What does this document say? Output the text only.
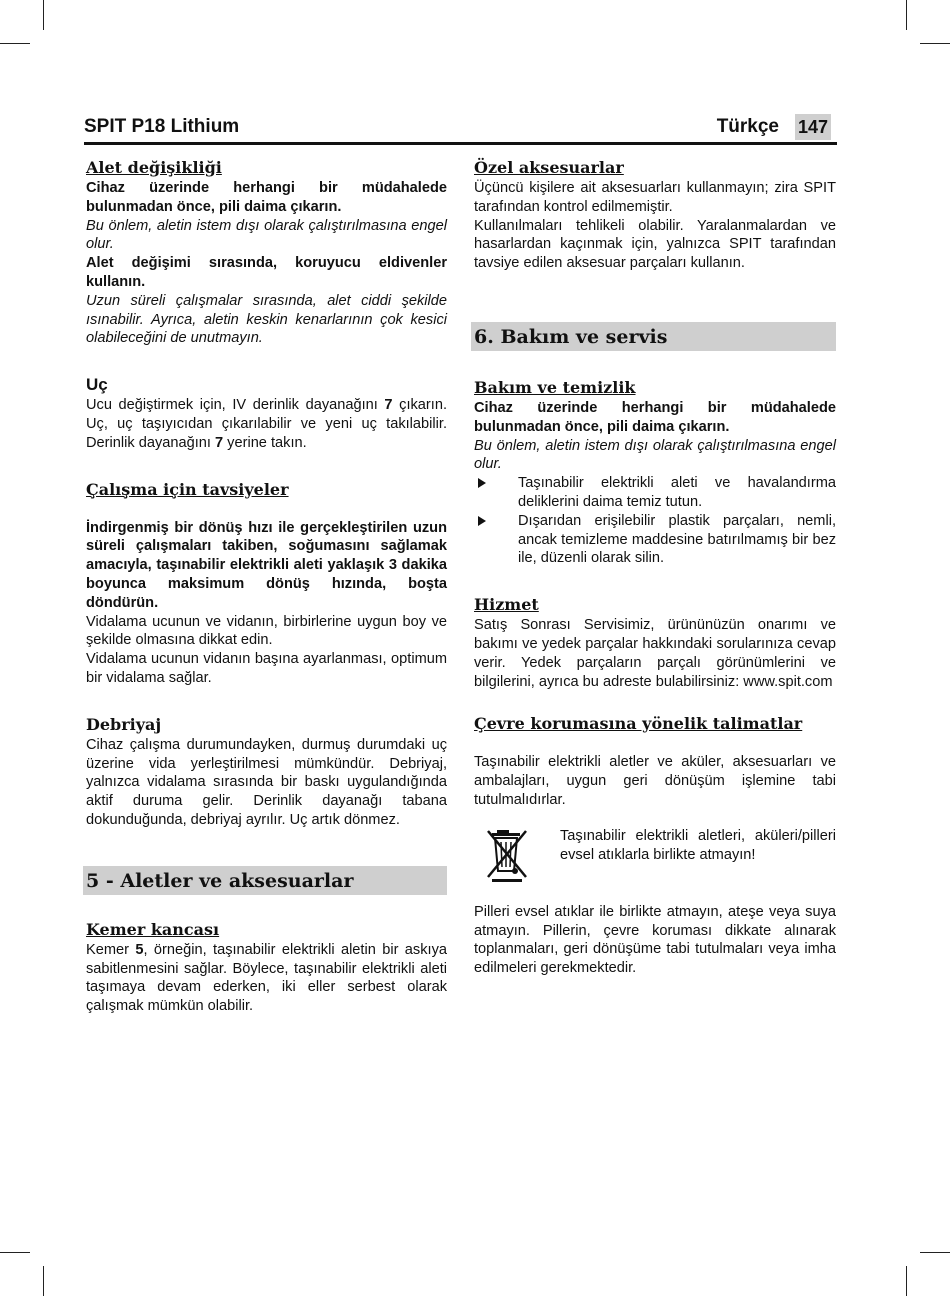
SPIT P18 Lithium	Türkçe 147
Alet değişikliği

Cihaz üzerinde herhangi bir müdahalede bulunmadan önce, pili daima çıkarın.

Bu önlem, aletin istem dışı olarak çalıştırılmasına engel olur.

Alet değişimi sırasında, koruyucu eldivenler kullanın.

Uzun süreli çalışmalar sırasında, alet ciddi şekilde ısınabilir. Ayrıca, aletin keskin kenarlarının çok kesici olabileceğini de unutmayın.

Uç

Ucu değiştirmek için, IV derinlik dayanağını 7 çıkarın. Uç, uç taşıyıcıdan çıkarılabilir ve yeni uç takılabilir. Derinlik dayanağını 7 yerine takın.

Çalışma için tavsiyeler

İndirgenmiş bir dönüş hızı ile gerçekleştirilen uzun süreli çalışmaları takiben, soğumasını sağlamak amacıyla, taşınabilir elektrikli aleti yaklaşık 3 dakika boyunca maksimum dönüş hızında, boşta döndürün.

Vidalama ucunun ve vidanın, birbirlerine uygun boy ve şekilde olmasına dikkat edin.

Vidalama ucunun vidanın başına ayarlanması, optimum bir vidalama sağlar.

Debriyaj

Cihaz çalışma durumundayken, durmuş durumdaki uç üzerine vida yerleştirilmesi mümkündür. Debriyaj, yalnızca vidalama sırasında bir baskı uygulandığında aktif duruma gelir. Derinlik dayanağı tabana dokunduğunda, debriyaj ayrılır. Uç artık dönmez.

5 - Aletler ve aksesuarlar
Kemer kancası

Kemer 5, örneğin, taşınabilir elektrikli aletin bir askıya sabitlenmesini sağlar. Böylece, taşınabilir elektrikli aleti taşımaya devam ederken, iki eller serbest olarak çalışmak mümkün olabilir.

Özel aksesuarlar

Üçüncü kişilere ait aksesuarları kullanmayın; zira SPIT tarafından kontrol edilmemiştir.

Kullanılmaları tehlikeli olabilir. Yaralanmalardan ve hasarlardan kaçınmak için, yalnızca SPIT tarafından tavsiye edilen aksesuar parçaları kullanın.

6. Bakım ve servis
Bakım ve temizlik

Cihaz üzerinde herhangi bir müdahalede bulunmadan önce, pili daima çıkarın.

Bu önlem, aletin istem dışı olarak çalıştırılmasına engel olur.

Taşınabilir elektrikli aleti ve havalandırma deliklerini daima temiz tutun.
Dışarıdan erişilebilir plastik parçaları, nemli, ancak temizleme maddesine batırılmamış bir bez ile, düzenli olarak silin.
Hizmet

Satış Sonrası Servisimiz, ürününüzün onarımı ve bakımı ve yedek parçalar hakkındaki sorularınıza cevap verir. Yedek parçaların parçalı görünümlerini ve bilgilerini, ayrıca bu adreste bulabilirsiniz: www.spit.com

Çevre korumasına yönelik talimatlar

Taşınabilir elektrikli aletler ve aküler, aksesuarları ve ambalajları, uygun geri dönüşüm işlemine tabi tutulmalıdırlar.

Taşınabilir elektrikli aletleri, aküleri/pilleri evsel atıklarla birlikte atmayın!

Pilleri evsel atıklar ile birlikte atmayın, ateşe veya suya atmayın. Pillerin, çevre koruması dikkate alınarak toplanmaları, geri dönüşüme tabi tutulmaları veya imha edilmeleri gerekmektedir.
